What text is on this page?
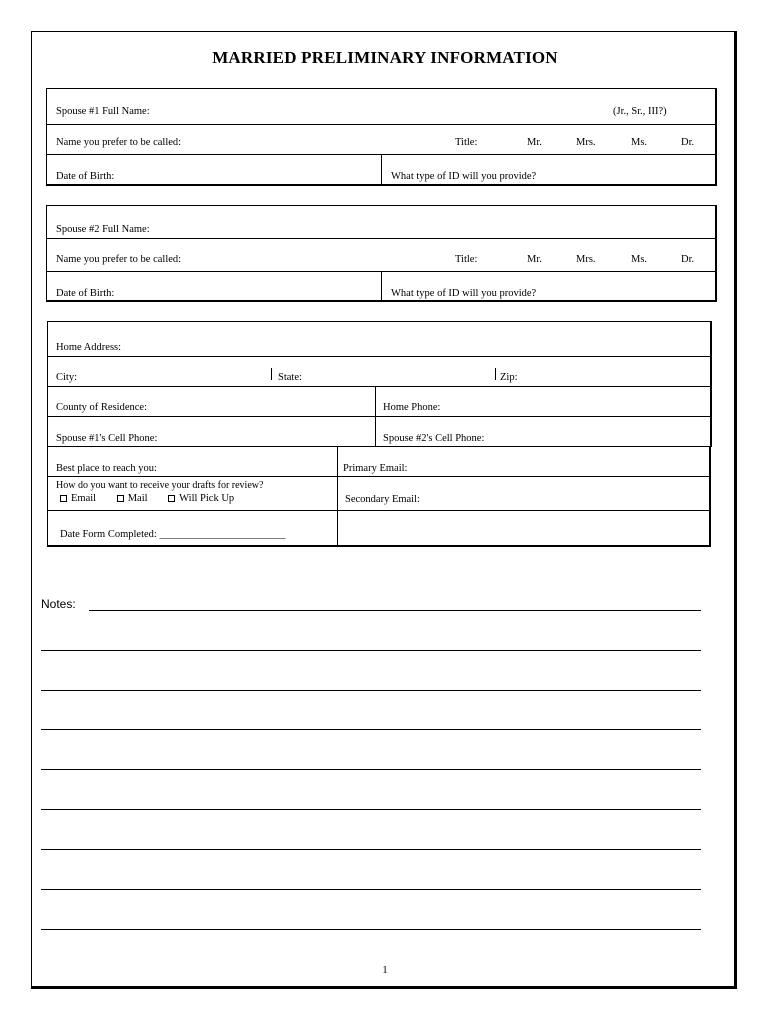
MARRIED PRELIMINARY INFORMATION
Spouse #1 Full Name:	(Jr., Sr., III?)
Name you prefer to be called:	Title:	Mr.	Mrs.	Ms.	Dr.
Date of Birth:	What type of ID will you provide?
Spouse #2 Full Name:
Name you prefer to be called:	Title:	Mr.	Mrs.	Ms.	Dr.
Date of Birth:	What type of ID will you provide?
Home Address:
City:	State:	Zip:
County of Residence:	Home Phone:
Spouse #1's Cell Phone:	Spouse #2's Cell Phone:
Best place to reach you:	Primary Email:
How do you want to receive your drafts for review?
Email	Mail	Will Pick Up	Secondary Email:
Date Form Completed: ________________________
Notes:
1
